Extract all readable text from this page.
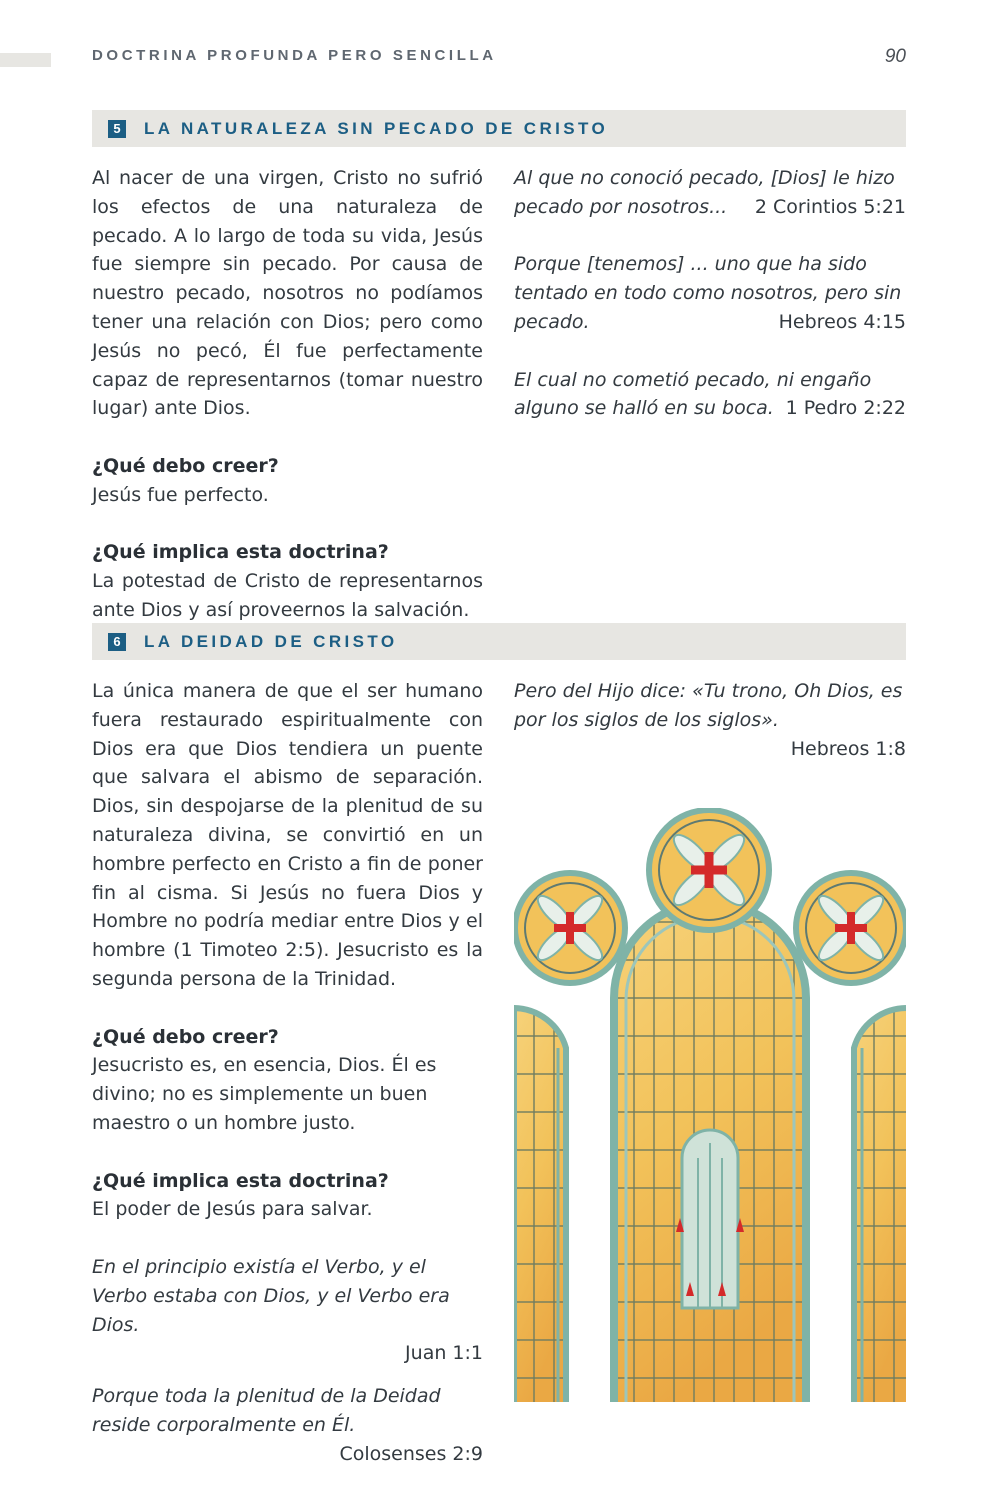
DOCTRINA PROFUNDA PERO SENCILLA	90
5	LA NATURALEZA SIN PECADO DE CRISTO

Al nacer de una virgen, Cristo no sufrió los efectos de una naturaleza de pecado. A lo largo de toda su vida, Jesús fue siempre sin pecado. Por causa de nuestro pecado, nosotros no podíamos tener una relación con Dios; pero como Jesús no pecó, Él fue perfectamente capaz de representarnos (tomar nuestro lugar) ante Dios.

¿Qué debo creer?

Jesús fue perfecto.

¿Qué implica esta doctrina?

La potestad de Cristo de representarnos ante Dios y así proveernos la salvación.

Al que no conoció pecado, [Dios] le hizo pecado por nosotros... 2 Corintios 5:21

Porque [tenemos] ... uno que ha sido tentado en todo como nosotros, pero sin pecado.	Hebreos 4:15

El cual no cometió pecado, ni engaño alguno se halló en su boca. 1 Pedro 2:22

6	LA DEIDAD DE CRISTO

La única manera de que el ser humano fuera restaurado espiritualmente con Dios era que Dios tendiera un puente que salvara el abismo de separación. Dios, sin despojarse de la plenitud de su naturaleza divina, se convirtió en un hombre perfecto en Cristo a fin de poner fin al cisma. Si Jesús no fuera Dios y Hombre no podría mediar entre Dios y el hombre (1 Timoteo 2:5). Jesucristo es la segunda persona de la Trinidad.

¿Qué debo creer?

Jesucristo es, en esencia, Dios. Él es divino; no es simplemente un buen maestro o un hombre justo.

¿Qué implica esta doctrina?

El poder de Jesús para salvar.

En el principio existía el Verbo, y el Verbo estaba con Dios, y el Verbo era Dios.

Juan 1:1

Porque toda la plenitud de la Deidad reside corporalmente en Él.
Colosenses 2:9

Pero del Hijo dice: «Tu trono, Oh Dios, es por los siglos de los siglos».

Hebreos 1:8
